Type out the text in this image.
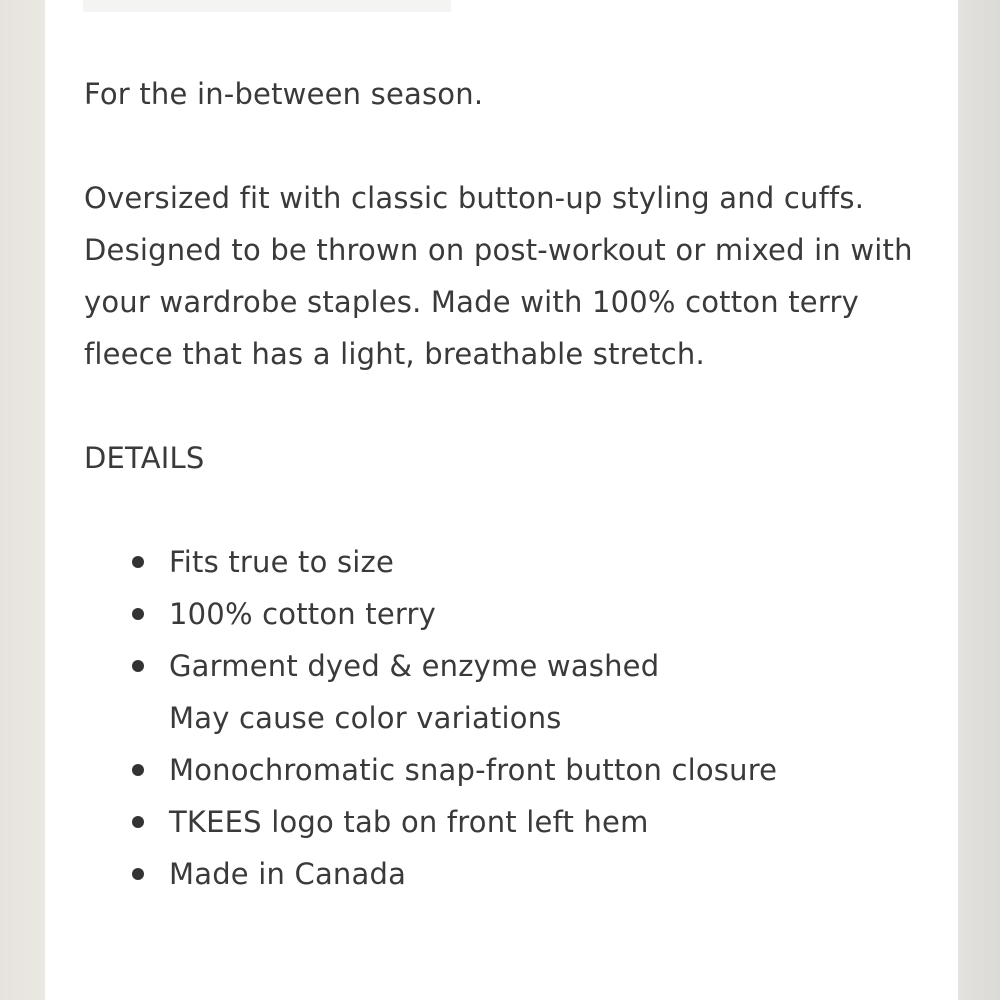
For the in-between season.

Oversized fit with classic button-up styling and cuffs. Designed to be thrown on post-workout or mixed in with your wardrobe staples. Made with 100% cotton terry fleece that has a light, breathable stretch.

DETAILS

Fits true to size
100% cotton terry
Garment dyed & enzyme washed
May cause color variations
Monochromatic snap-front button closure
TKEES logo tab on front left hem
Made in Canada
